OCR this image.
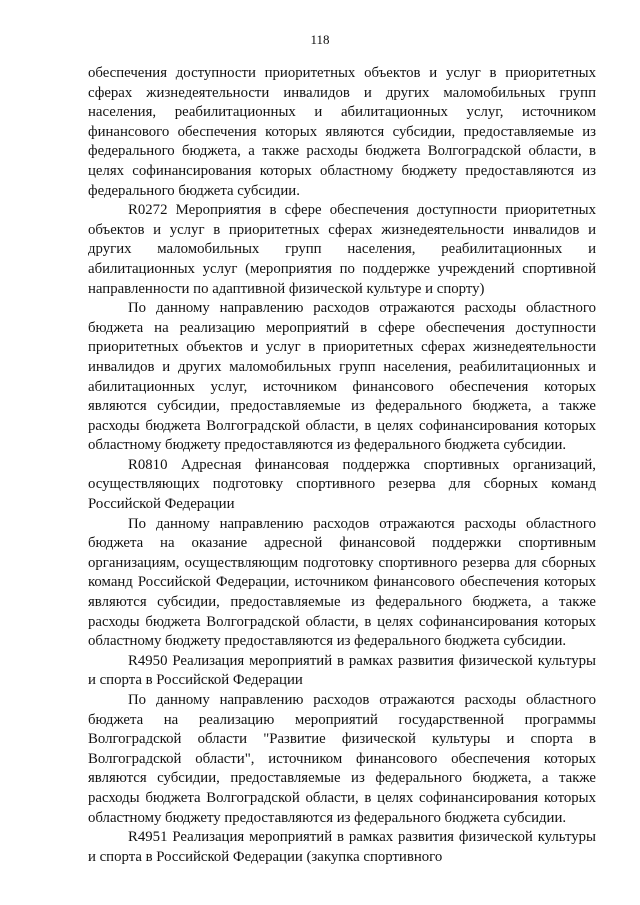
118

обеспечения доступности приоритетных объектов и услуг в приоритетных сферах жизнедеятельности инвалидов и других маломобильных групп населения, реабилитационных и абилитационных услуг, источником финансового обеспечения которых являются субсидии, предоставляемые из федерального бюджета, а также расходы бюджета Волгоградской области, в целях софинансирования которых областному бюджету предоставляются из федерального бюджета субсидии.

R0272 Мероприятия в сфере обеспечения доступности приоритетных объектов и услуг в приоритетных сферах жизнедеятельности инвалидов и других маломобильных групп населения, реабилитационных и абилитационных услуг (мероприятия по поддержке учреждений спортивной направленности по адаптивной физической культуре и спорту)

По данному направлению расходов отражаются расходы областного бюджета на реализацию мероприятий в сфере обеспечения доступности приоритетных объектов и услуг в приоритетных сферах жизнедеятельности инвалидов и других маломобильных групп населения, реабилитационных и абилитационных услуг, источником финансового обеспечения которых являются субсидии, предоставляемые из федерального бюджета, а также расходы бюджета Волгоградской области, в целях софинансирования которых областному бюджету предоставляются из федерального бюджета субсидии.

R0810 Адресная финансовая поддержка спортивных организаций, осуществляющих подготовку спортивного резерва для сборных команд Российской Федерации

По данному направлению расходов отражаются расходы областного бюджета на оказание адресной финансовой поддержки спортивным организациям, осуществляющим подготовку спортивного резерва для сборных команд Российской Федерации, источником финансового обеспечения которых являются субсидии, предоставляемые из федерального бюджета, а также расходы бюджета Волгоградской области, в целях софинансирования которых областному бюджету предоставляются из федерального бюджета субсидии.

R4950 Реализация мероприятий в рамках развития физической культуры и спорта в Российской Федерации

По данному направлению расходов отражаются расходы областного бюджета на реализацию мероприятий государственной программы Волгоградской области "Развитие физической культуры и спорта в Волгоградской области", источником финансового обеспечения которых являются субсидии, предоставляемые из федерального бюджета, а также расходы бюджета Волгоградской области, в целях софинансирования которых областному бюджету предоставляются из федерального бюджета субсидии.

R4951 Реализация мероприятий в рамках развития физической культуры и спорта в Российской Федерации (закупка спортивного
